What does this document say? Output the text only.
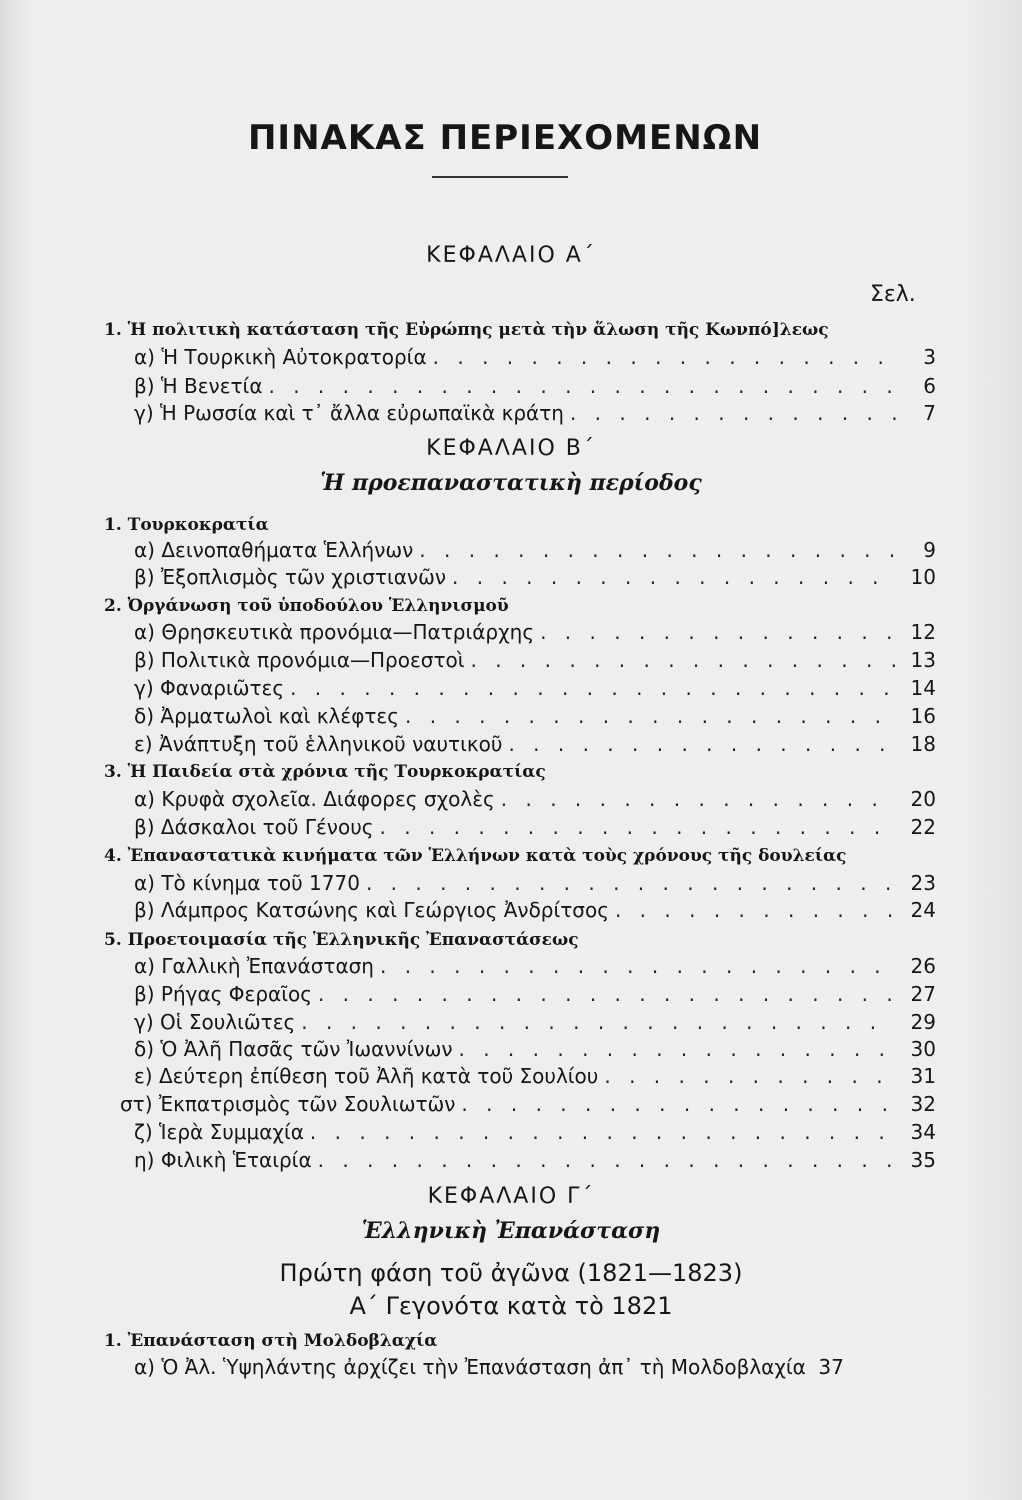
ΠΙΝΑΚΑΣ ΠΕΡΙΕΧΟΜΕΝΩΝ
ΚΕΦΑΛΑΙΟ Α΄
Σελ.
1. Ἡ πολιτικὴ κατάσταση τῆς Εὐρώπης μετὰ τὴν ἅλωση τῆς Κωνπό]λεως
α) Ἡ Τουρκικὴ Αὐτοκρατορία . . .	3
β) Ἡ Βενετία . . .	6
γ) Ἡ Ρωσσία καὶ τ᾽ ἄλλα εὐρωπαϊκὰ κράτη . . .	7
ΚΕΦΑΛΑΙΟ Β΄
Ἡ προεπαναστατικὴ περίοδος
1. Τουρκοκρατία
α) Δεινοπαθήματα Ἑλλήνων . . .	9
β) Ἐξοπλισμὸς τῶν χριστιανῶν . . .	10
2. Ὀργάνωση τοῦ ὑποδούλου Ἑλληνισμοῦ
α) Θρησκευτικὰ προνόμια—Πατριάρχης . . .	12
β) Πολιτικὰ προνόμια—Προεστοὶ . . .	13
γ) Φαναριῶτες . . .	14
δ) Ἀρματωλοὶ καὶ κλέφτες . . .	16
ε) Ἀνάπτυξη τοῦ ἑλληνικοῦ ναυτικοῦ . . .	18
3. Ἡ Παιδεία στὰ χρόνια τῆς Τουρκοκρατίας
α) Κρυφὰ σχολεῖα. Διάφορες σχολὲς . . .	20
β) Δάσκαλοι τοῦ Γένους . . .	22
4. Ἐπαναστατικὰ κινήματα τῶν Ἑλλήνων κατὰ τοὺς χρόνους τῆς δουλείας
α) Τὸ κίνημα τοῦ 1770 . . .	23
β) Λάμπρος Κατσώνης καὶ Γεώργιος Ἀνδρίτσος . . .	24
5. Προετοιμασία τῆς Ἑλληνικῆς Ἐπαναστάσεως
α) Γαλλικὴ Ἐπανάσταση . . .	26
β) Ρήγας Φεραῖος . . .	27
γ) Οἱ Σουλιῶτες . . .	29
δ) Ὁ Ἀλῆ Πασᾶς τῶν Ἰωαννίνων . . .	30
ε) Δεύτερη ἐπίθεση τοῦ Ἀλῆ κατὰ τοῦ Σουλίου . . .	31
στ) Ἐκπατρισμὸς τῶν Σουλιωτῶν . . .	32
ζ) Ἱερὰ Συμμαχία . . .	34
η) Φιλικὴ Ἑταιρία . . .	35
ΚΕΦΑΛΑΙΟ Γ΄
Ἑλληνικὴ Ἐπανάσταση
Πρώτη φάση τοῦ ἀγῶνα (1821—1823)
Α΄ Γεγονότα κατὰ τὸ 1821
1. Ἐπανάσταση στὴ Μολδοβλαχία
α) Ὁ Ἀλ. Ὑψηλάντης ἀρχίζει τὴν Ἐπανάσταση ἀπ᾽ τὴ Μολδοβλαχία 37
